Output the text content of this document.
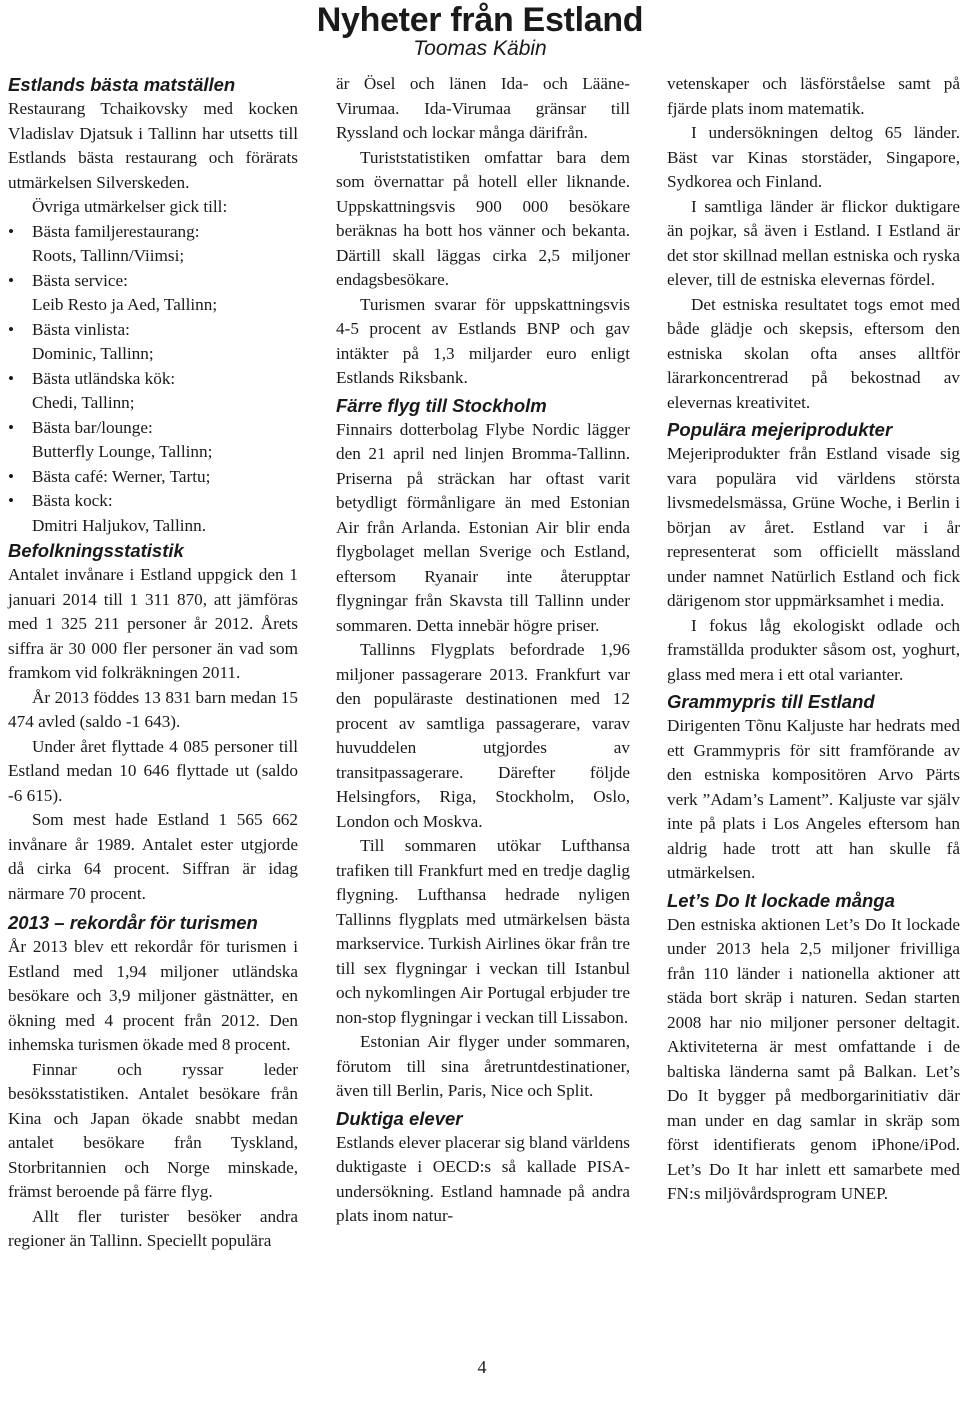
Nyheter från Estland
Toomas Käbin
Estlands bästa matställen

Restaurang Tchaikovsky med kocken Vladislav Djatsuk i Tallinn har utsetts till Estlands bästa restaurang och förärats utmärkelsen Silverskeden.

Övriga utmärkelser gick till:

• Bästa familjerestaurang:
Roots, Tallinn/Viimsi;
• Bästa service:
Leib Resto ja Aed, Tallinn;
• Bästa vinlista:
Dominic, Tallinn;
• Bästa utländska kök:
Chedi, Tallinn;
• Bästa bar/lounge:
Butterfly Lounge, Tallinn;
• Bästa café: Werner, Tartu;
• Bästa kock:
Dmitri Haljukov, Tallinn.
Befolkningsstatistik

Antalet invånare i Estland uppgick den 1 januari 2014 till 1 311 870, att jämföras med 1 325 211 personer år 2012. Årets siffra är 30 000 fler personer än vad som framkom vid folkräkningen 2011.

År 2013 föddes 13 831 barn medan 15 474 avled (saldo -1 643).

Under året flyttade 4 085 personer till Estland medan 10 646 flyttade ut (saldo -6 615).

Som mest hade Estland 1 565 662 invånare år 1989. Antalet ester utgjorde då cirka 64 procent. Siffran är idag närmare 70 procent.

2013 – rekordår för turismen

År 2013 blev ett rekordår för turismen i Estland med 1,94 miljoner utländska besökare och 3,9 miljoner gästnätter, en ökning med 4 procent från 2012. Den inhemska turismen ökade med 8 procent.

Finnar och ryssar leder besöksstatistiken. Antalet besökare från Kina och Japan ökade snabbt medan antalet besökare från Tyskland, Storbritannien och Norge minskade, främst beroende på färre flyg.

Allt fler turister besöker andra regioner än Tallinn. Speciellt populära

är Ösel och länen Ida- och Lääne-Virumaa. Ida-Virumaa gränsar till Ryssland och lockar många därifrån.

Turiststatistiken omfattar bara dem som övernattar på hotell eller liknande. Uppskattningsvis 900 000 besökare beräknas ha bott hos vänner och bekanta. Därtill skall läggas cirka 2,5 miljoner endagsbesökare.

Turismen svarar för uppskattningsvis 4-5 procent av Estlands BNP och gav intäkter på 1,3 miljarder euro enligt Estlands Riksbank.

Färre flyg till Stockholm

Finnairs dotterbolag Flybe Nordic lägger den 21 april ned linjen Bromma-Tallinn. Priserna på sträckan har oftast varit betydligt förmånligare än med Estonian Air från Arlanda. Estonian Air blir enda flygbolaget mellan Sverige och Estland, eftersom Ryanair inte återupptar flygningar från Skavsta till Tallinn under sommaren. Detta innebär högre priser.

Tallinns Flygplats befordrade 1,96 miljoner passagerare 2013. Frankfurt var den populäraste destinationen med 12 procent av samtliga passagerare, varav huvuddelen utgjordes av transitpassagerare. Därefter följde Helsingfors, Riga, Stockholm, Oslo, London och Moskva.

Till sommaren utökar Lufthansa trafiken till Frankfurt med en tredje daglig flygning. Lufthansa hedrade nyligen Tallinns flygplats med utmärkelsen bästa markservice. Turkish Airlines ökar från tre till sex flygningar i veckan till Istanbul och nykomlingen Air Portugal erbjuder tre non-stop flygningar i veckan till Lissabon.

Estonian Air flyger under sommaren, förutom till sina åretruntdestinationer, även till Berlin, Paris, Nice och Split.

Duktiga elever

Estlands elever placerar sig bland världens duktigaste i OECD:s så kallade PISA-undersökning. Estland hamnade på andra plats inom natur-

vetenskaper och läsförståelse samt på fjärde plats inom matematik.

I undersökningen deltog 65 länder. Bäst var Kinas storstäder, Singapore, Sydkorea och Finland.

I samtliga länder är flickor duktigare än pojkar, så även i Estland. I Estland är det stor skillnad mellan estniska och ryska elever, till de estniska elevernas fördel.

Det estniska resultatet togs emot med både glädje och skepsis, eftersom den estniska skolan ofta anses alltför lärarkoncentrerad på bekostnad av elevernas kreativitet.

Populära mejeriprodukter

Mejeriprodukter från Estland visade sig vara populära vid världens största livsmedelsmässa, Grüne Woche, i Berlin i början av året. Estland var i år representerat som officiellt mässland under namnet Natürlich Estland och fick därigenom stor uppmärksamhet i media.

I fokus låg ekologiskt odlade och framställda produkter såsom ost, yoghurt, glass med mera i ett otal varianter.

Grammypris till Estland

Dirigenten Tõnu Kaljuste har hedrats med ett Grammypris för sitt framförande av den estniska kompositören Arvo Pärts verk ”Adam’s Lament”. Kaljuste var själv inte på plats i Los Angeles eftersom han aldrig hade trott att han skulle få utmärkelsen.

Let’s Do It lockade många

Den estniska aktionen Let’s Do It lockade under 2013 hela 2,5 miljoner frivilliga från 110 länder i nationella aktioner att städa bort skräp i naturen. Sedan starten 2008 har nio miljoner personer deltagit. Aktiviteterna är mest omfattande i de baltiska länderna samt på Balkan. Let’s Do It bygger på medborgarinitiativ där man under en dag samlar in skräp som först identifierats genom iPhone/iPod. Let’s Do It har inlett ett samarbete med FN:s miljövårdsprogram UNEP.

4
